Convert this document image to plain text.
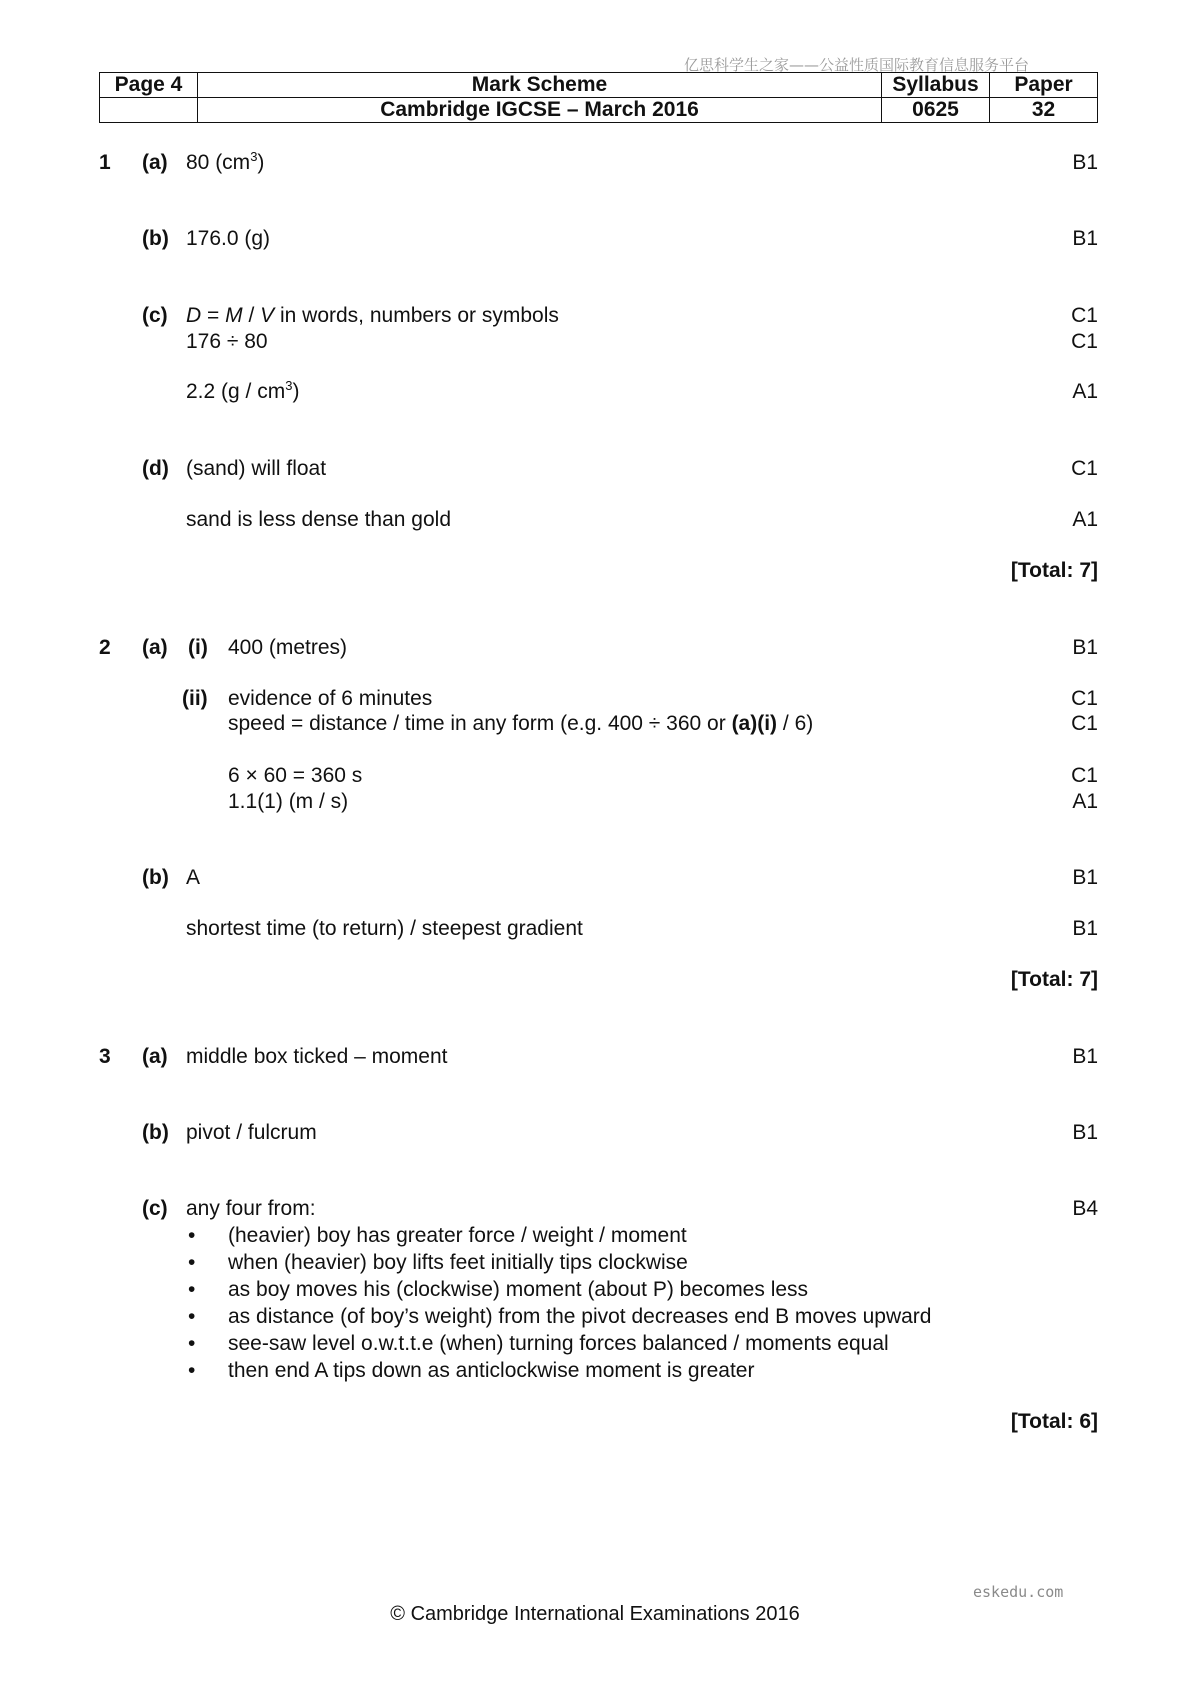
亿思科学生之家——公益性质国际教育信息服务平台
Page 4	Mark Scheme	Syllabus	Paper
	Cambridge IGCSE – March 2016	0625	32
1 (a) 80 $(cm^3)$	B1
(b) 176.0 (g)	B1
(c) D = M / V in words, numbers or symbols	C1
176 ÷ 80	C1
2.2 $(g / cm^3)$	A1
(d) (sand) will float	C1
sand is less dense than gold	A1
[Total: 7]
2 (a) (i) 400 (metres)	B1
(ii) evidence of 6 minutes	C1
speed = distance / time in any form (e.g. 400 ÷ 360 or (a)(i) / 6)	C1
6 × 60 = 360 s	C1
1.1(1) (m / s)	A1
(b) A	B1
shortest time (to return) / steepest gradient	B1
[Total: 7]
3 (a) middle box ticked – moment	B1
(b) pivot / fulcrum	B1
(c) any four from:	B4
• (heavier) boy has greater force / weight / moment
• when (heavier) boy lifts feet initially tips clockwise
• as boy moves his (clockwise) moment (about P) becomes less
• as distance (of boy’s weight) from the pivot decreases end B moves upward
• see-saw level o.w.t.t.e (when) turning forces balanced / moments equal
• then end A tips down as anticlockwise moment is greater
[Total: 6]
eskedu.com
© Cambridge International Examinations 2016
